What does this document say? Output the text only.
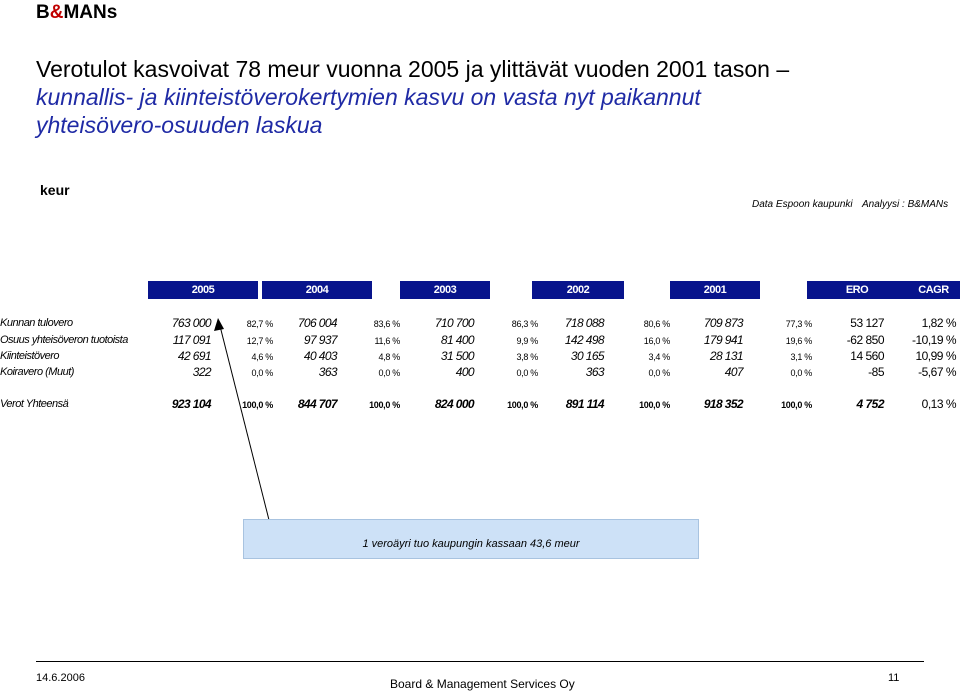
B&MANs
Verotulot kasvoivat 78 meur vuonna 2005 ja ylittävät vuoden 2001 tason –
kunnallis- ja kiinteistöverokertymien kasvu on vasta nyt paikannut
yhteisövero-osuuden laskua
keur
Data Espoon kaupunki Analyysi : B&MANs
2005	2004	2003	2002	2001	ERO	CAGR
Kunnan tulovero	763 000	82,7 % 706 004	83,6 %	710 700	86,3 % 718 088	80,6 %	709 873	77,3 %	53 127	1,82 %
Osuus yhteisöveron tuotoista	117 091	12,7 %	97 937	11,6 %	81 400	9,9 % 142 498	16,0 %	179 941	19,6 %	-62 850 -10,19 %
Kiinteistövero	42 691	4,6 %	40 403	4,8 %	31 500	3,8 %	30 165	3,4 %	28 131	3,1 %	14 560	10,99 %
Koiravero (Muut)	322	0,0 %	363	0,0 %	400	0,0 %	363	0,0 %	407	0,0 %	-85	-5,67 %
Verot Yhteensä	923 104	100,0 % 844 707	100,0 %	824 000	100,0 % 891 114	100,0 %	918 352	100,0 %	4 752	0,13 %
1 veroäyri tuo kaupungin kassaan 43,6 meur
14.6.2006	Board & Management Services Oy	11
